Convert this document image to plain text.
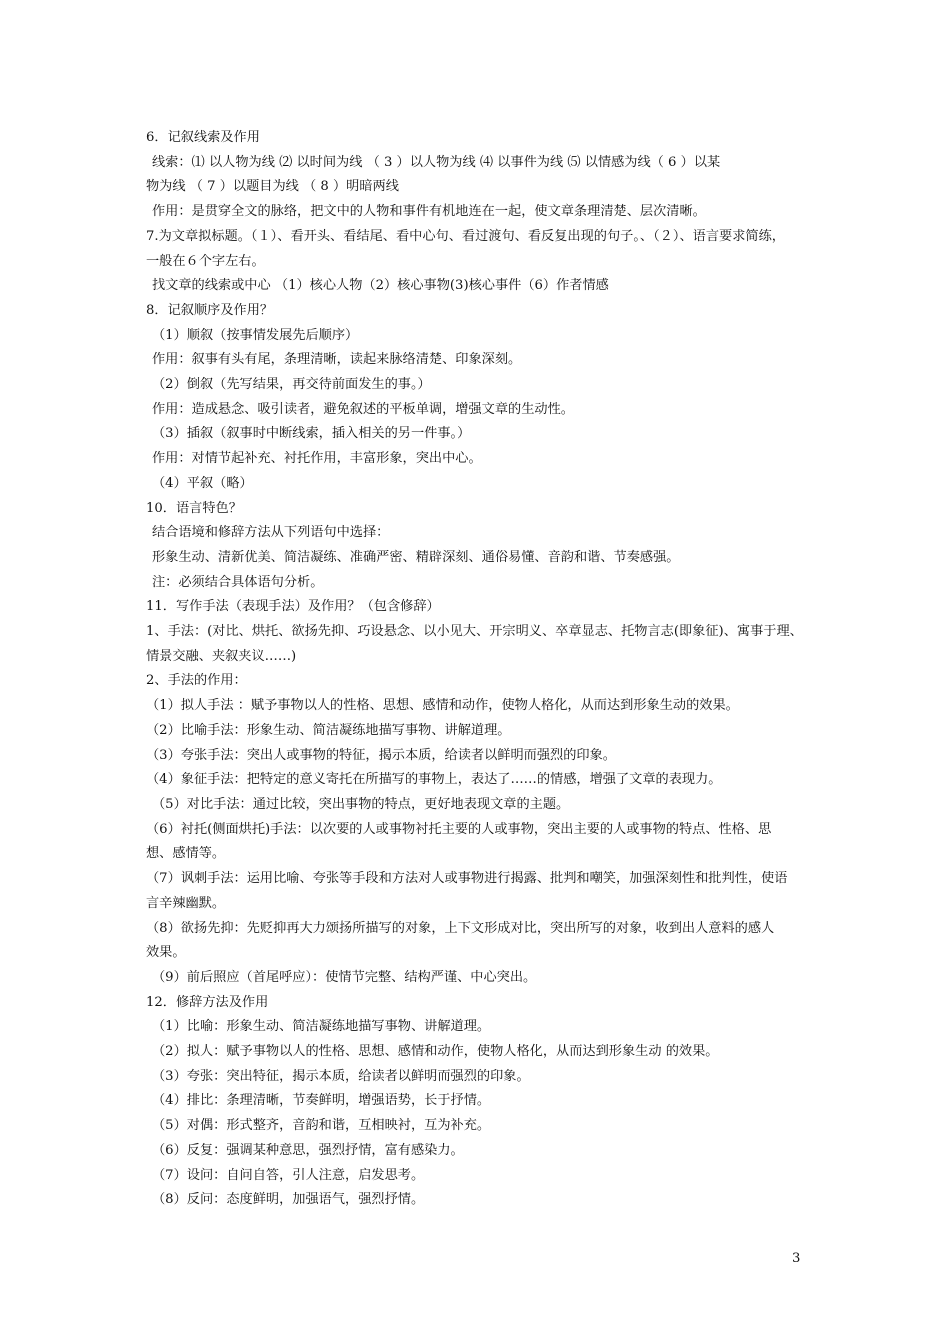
6．记叙线索及作用
线索：⑴ 以人物为线 ⑵ 以时间为线 （ 3 ）以人物为线 ⑷ 以事件为线 ⑸ 以情感为线（ 6 ）以某
物为线 （ 7 ）以题目为线 （ 8 ）明暗两线
作用：是贯穿全文的脉络，把文中的人物和事件有机地连在一起，使文章条理清楚、层次清晰。
7.为文章拟标题。（１）、看开头、看结尾、看中心句、看过渡句、看反复出现的句子。、（２）、语言要求简练，
一般在６个字左右。
找文章的线索或中心 （1）核心人物（2）核心事物(3)核心事件（6）作者情感
8．记叙顺序及作用？
（1）顺叙（按事情发展先后顺序）
作用：叙事有头有尾，条理清晰，读起来脉络清楚、印象深刻。
（2）倒叙（先写结果，再交待前面发生的事。）
作用：造成悬念、吸引读者，避免叙述的平板单调，增强文章的生动性。
（3）插叙（叙事时中断线索，插入相关的另一件事。）
作用：对情节起补充、衬托作用，丰富形象，突出中心。
（4）平叙（略）
10．语言特色？
结合语境和修辞方法从下列语句中选择：
形象生动、清新优美、简洁凝练、准确严密、精辟深刻、通俗易懂、音韵和谐、节奏感强。
注：必须结合具体语句分析。
11．写作手法（表现手法）及作用？（包含修辞）
1、手法：(对比、烘托、欲扬先抑、巧设悬念、以小见大、开宗明义、卒章显志、托物言志(即象征)、寓事于理、
情景交融、夹叙夹议……)
2、手法的作用：
（1）拟人手法 ：赋予事物以人的性格、思想、感情和动作，使物人格化，从而达到形象生动的效果。
（2）比喻手法：形象生动、简洁凝练地描写事物、讲解道理。
（3）夸张手法：突出人或事物的特征，揭示本质，给读者以鲜明而强烈的印象。
（4）象征手法：把特定的意义寄托在所描写的事物上，表达了……的情感，增强了文章的表现力。
（5）对比手法：通过比较，突出事物的特点，更好地表现文章的主题。
（6）衬托(侧面烘托)手法：以次要的人或事物衬托主要的人或事物，突出主要的人或事物的特点、性格、思
想、感情等。
（7）讽刺手法：运用比喻、夸张等手段和方法对人或事物进行揭露、批判和嘲笑，加强深刻性和批判性，使语
言辛辣幽默。
（8）欲扬先抑：先贬抑再大力颂扬所描写的对象，上下文形成对比，突出所写的对象，收到出人意料的感人
效果。
（9）前后照应（首尾呼应）：使情节完整、结构严谨、中心突出。
12．修辞方法及作用
（1）比喻：形象生动、简洁凝练地描写事物、讲解道理。
（2）拟人：赋予事物以人的性格、思想、感情和动作，使物人格化，从而达到形象生动 的效果。
（3）夸张：突出特征，揭示本质，给读者以鲜明而强烈的印象。
（4）排比：条理清晰，节奏鲜明，增强语势，长于抒情。
（5）对偶：形式整齐，音韵和谐，互相映衬，互为补充。
（6）反复：强调某种意思，强烈抒情，富有感染力。
（7）设问：自问自答，引人注意，启发思考。
（8）反问：态度鲜明，加强语气，强烈抒情。
3
